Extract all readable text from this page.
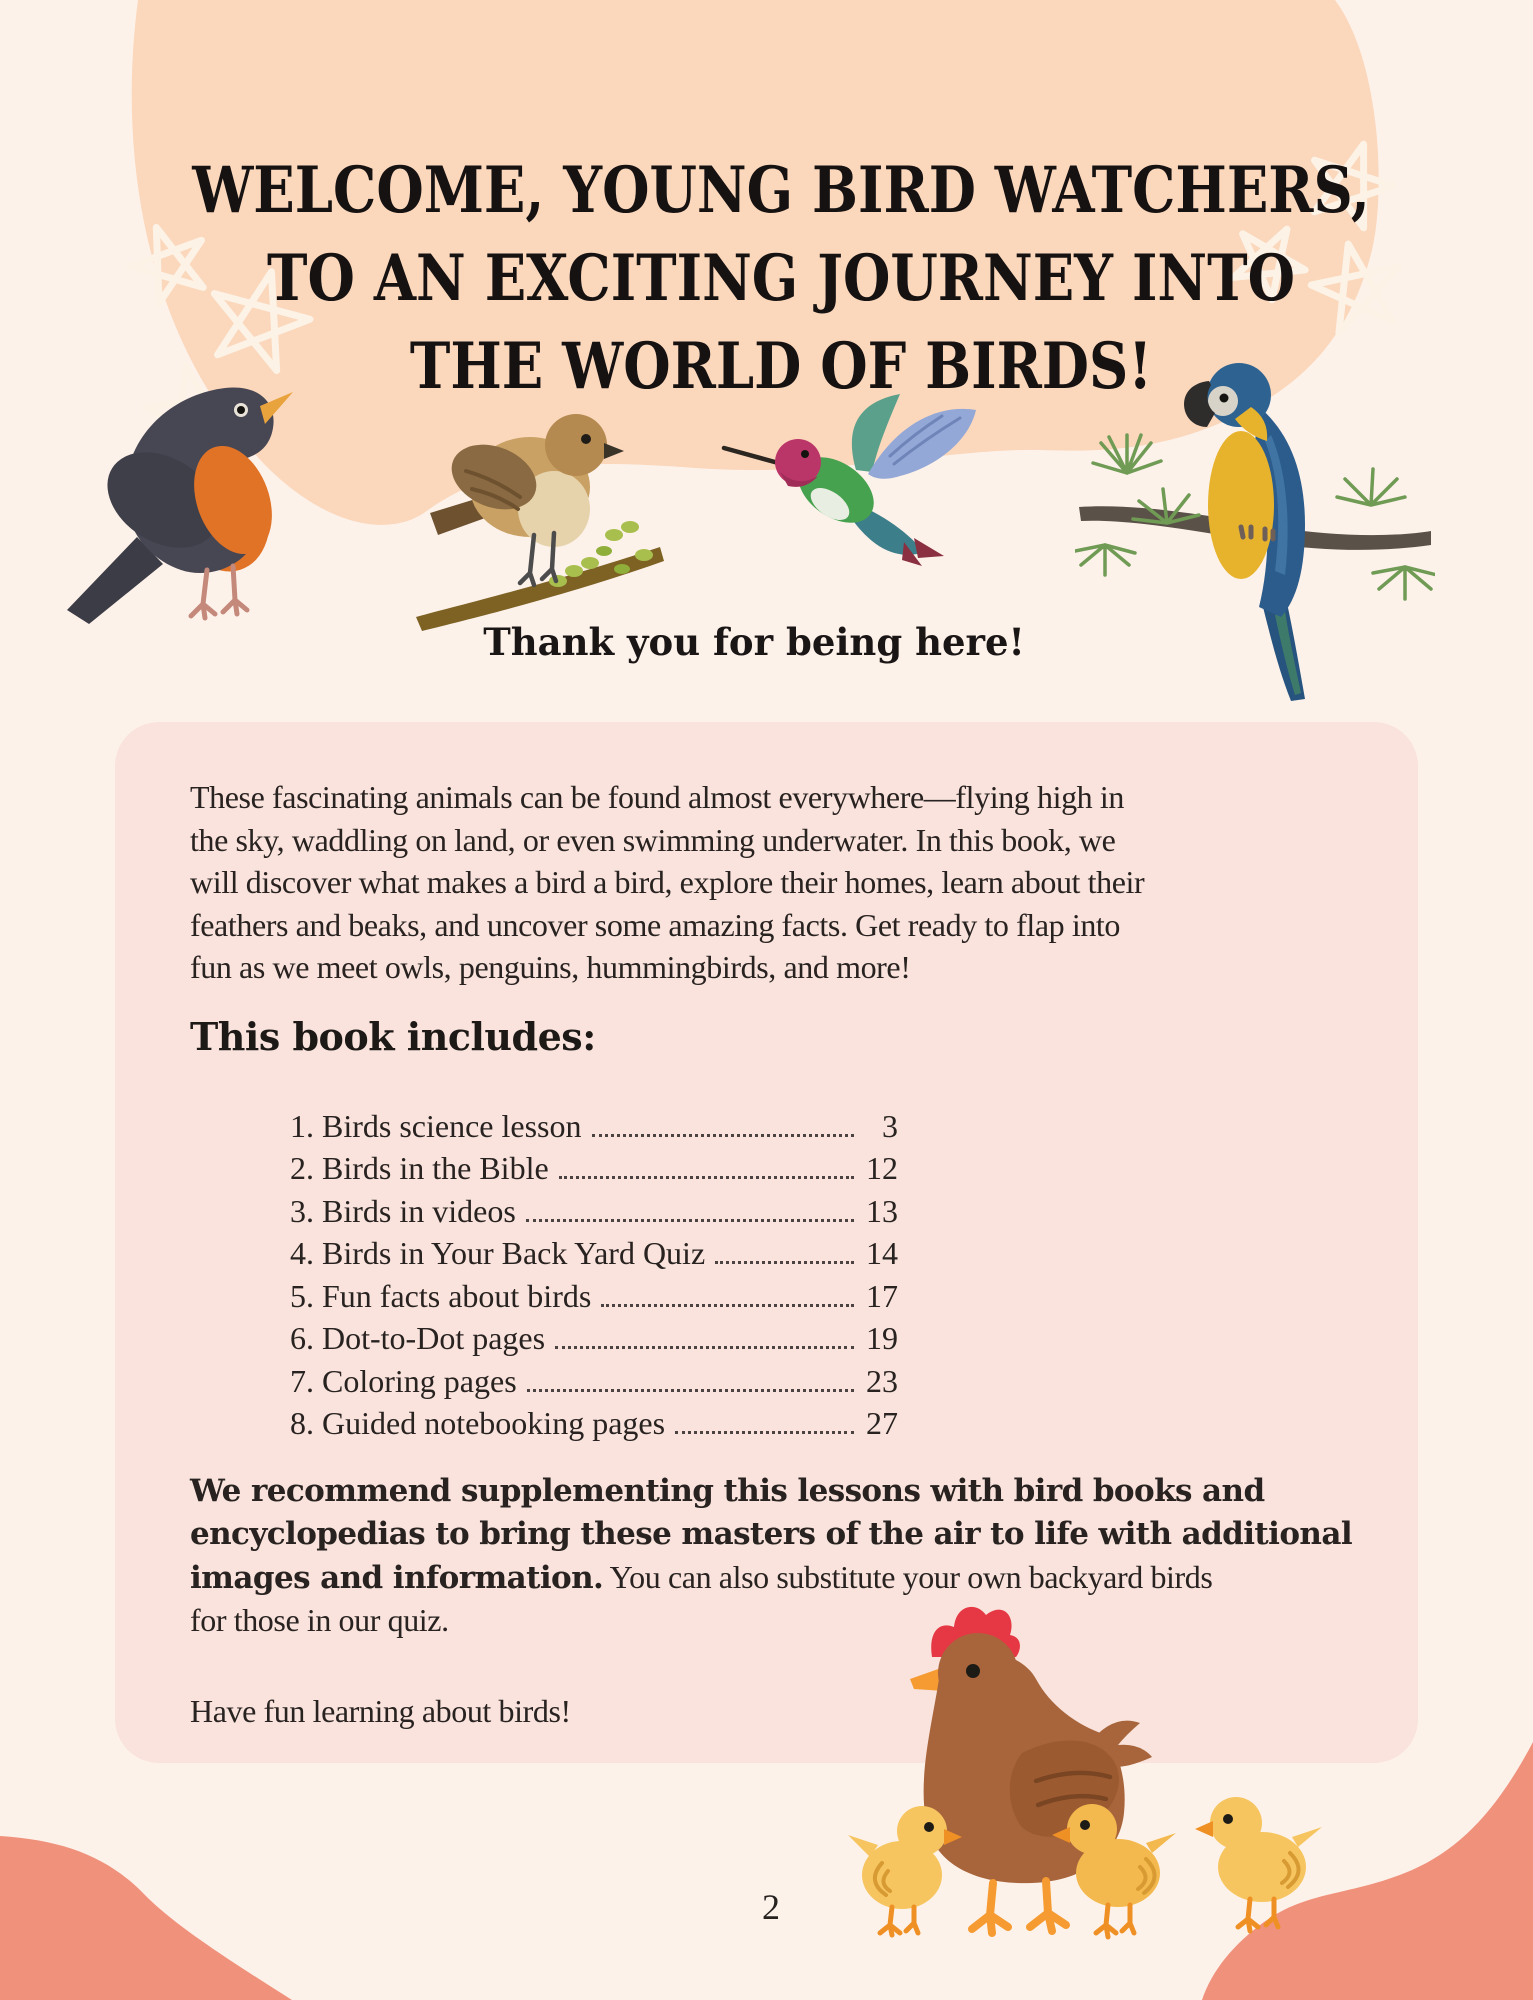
WELCOME, YOUNG BIRD WATCHERS,
TO AN EXCITING JOURNEY INTO
THE WORLD OF BIRDS!
Thank you for being here!
These fascinating animals can be found almost everywhere—flying high in
the sky, waddling on land, or even swimming underwater. In this book, we
will discover what makes a bird a bird, explore their homes, learn about their
feathers and beaks, and uncover some amazing facts. Get ready to flap into
fun as we meet owls, penguins, hummingbirds, and more!
This book includes:
1. Birds science lesson	3
2. Birds in the Bible	12
3. Birds in videos	13
4. Birds in Your Back Yard Quiz	14
5. Fun facts about birds	17
6. Dot-to-Dot pages	19
7. Coloring pages	23
8. Guided notebooking pages	27
We recommend supplementing this lessons with bird books and
encyclopedias to bring these masters of the air to life with additional
images and information. You can also substitute your own backyard birds
for those in our quiz.
Have fun learning about birds!
2
